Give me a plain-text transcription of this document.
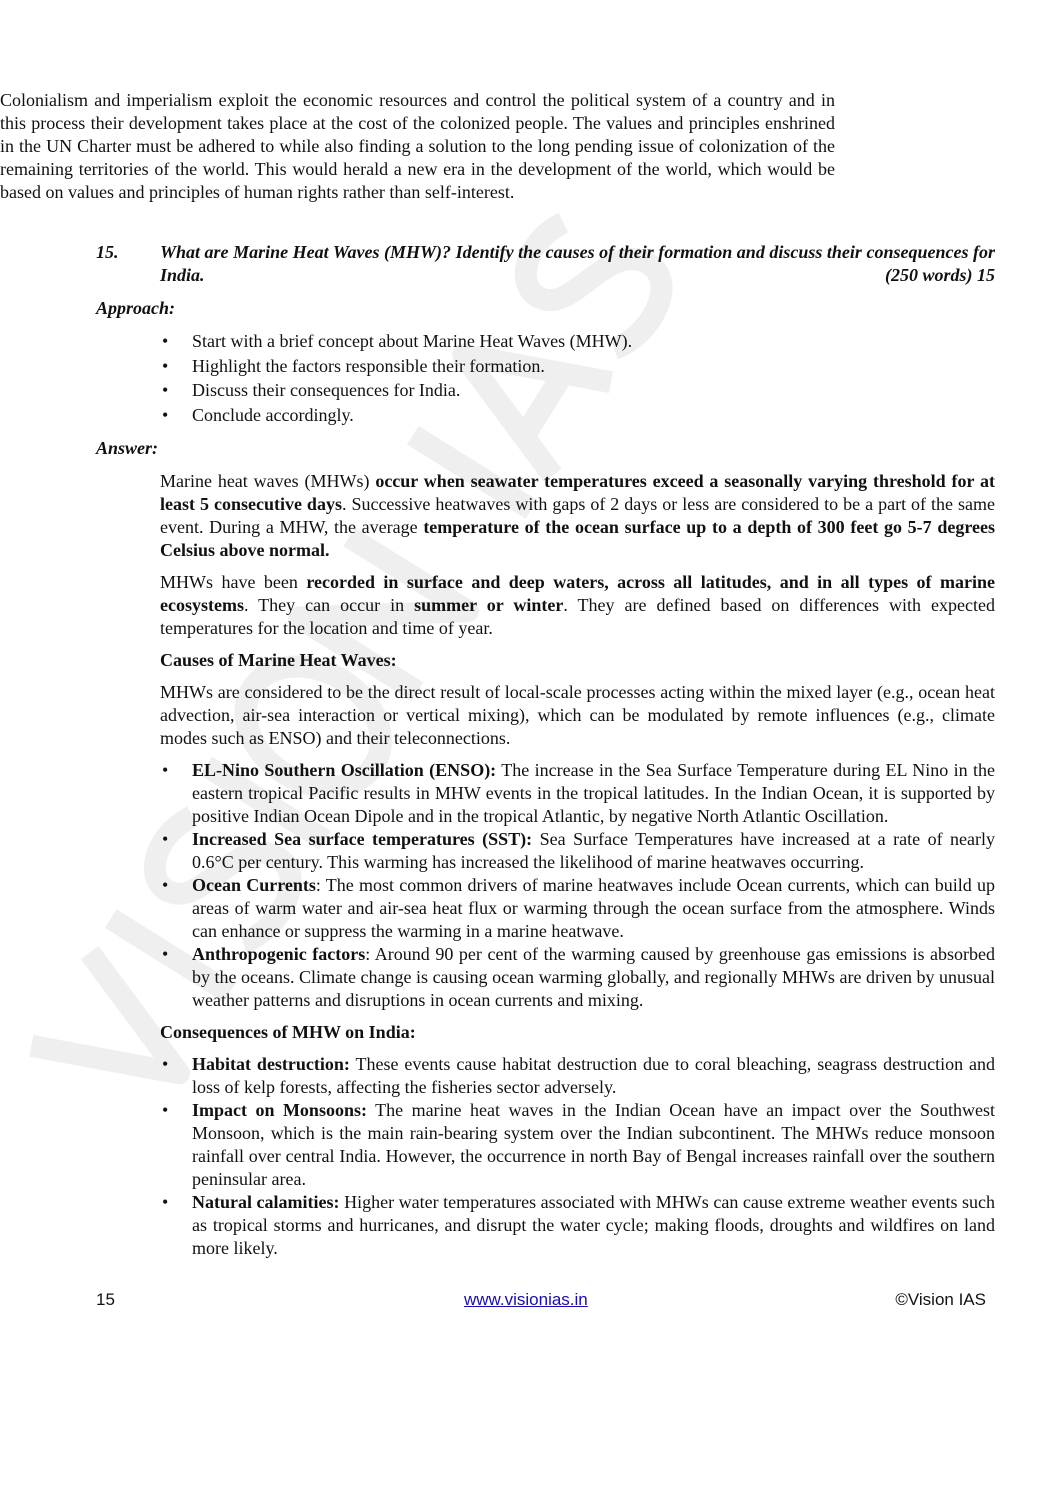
Colonialism and imperialism exploit the economic resources and control the political system of a country and in this process their development takes place at the cost of the colonized people. The values and principles enshrined in the UN Charter must be adhered to while also finding a solution to the long pending issue of colonization of the remaining territories of the world. This would herald a new era in the development of the world, which would be based on values and principles of human rights rather than self-interest.

15.	What are Marine Heat Waves (MHW)? Identify the causes of their formation and discuss their consequences for India.	(250 words) 15
Approach:
• Start with a brief concept about Marine Heat Waves (MHW).
• Highlight the factors responsible their formation.
• Discuss their consequences for India.
• Conclude accordingly.
Answer:

Marine heat waves (MHWs) occur when seawater temperatures exceed a seasonally varying threshold for at least 5 consecutive days. Successive heatwaves with gaps of 2 days or less are considered to be a part of the same event. During a MHW, the average temperature of the ocean surface up to a depth of 300 feet go 5-7 degrees Celsius above normal.

MHWs have been recorded in surface and deep waters, across all latitudes, and in all types of marine ecosystems. They can occur in summer or winter. They are defined based on differences with expected temperatures for the location and time of year.

Causes of Marine Heat Waves:

MHWs are considered to be the direct result of local-scale processes acting within the mixed layer (e.g., ocean heat advection, air-sea interaction or vertical mixing), which can be modulated by remote influences (e.g., climate modes such as ENSO) and their teleconnections.

• EL-Nino Southern Oscillation (ENSO): The increase in the Sea Surface Temperature during EL Nino in the eastern tropical Pacific results in MHW events in the tropical latitudes. In the Indian Ocean, it is supported by positive Indian Ocean Dipole and in the tropical Atlantic, by negative North Atlantic Oscillation.
• Increased Sea surface temperatures (SST): Sea Surface Temperatures have increased at a rate of nearly 0.6°C per century. This warming has increased the likelihood of marine heatwaves occurring.
• Ocean Currents: The most common drivers of marine heatwaves include Ocean currents, which can build up areas of warm water and air-sea heat flux or warming through the ocean surface from the atmosphere. Winds can enhance or suppress the warming in a marine heatwave.
• Anthropogenic factors: Around 90 per cent of the warming caused by greenhouse gas emissions is absorbed by the oceans. Climate change is causing ocean warming globally, and regionally MHWs are driven by unusual weather patterns and disruptions in ocean currents and mixing.

Consequences of MHW on India:

• Habitat destruction: These events cause habitat destruction due to coral bleaching, seagrass destruction and loss of kelp forests, affecting the fisheries sector adversely.
• Impact on Monsoons: The marine heat waves in the Indian Ocean have an impact over the Southwest Monsoon, which is the main rain-bearing system over the Indian subcontinent. The MHWs reduce monsoon rainfall over central India. However, the occurrence in north Bay of Bengal increases rainfall over the southern peninsular area.
• Natural calamities: Higher water temperatures associated with MHWs can cause extreme weather events such as tropical storms and hurricanes, and disrupt the water cycle; making floods, droughts and wildfires on land more likely.
15	www.visionias.in	©Vision IAS
